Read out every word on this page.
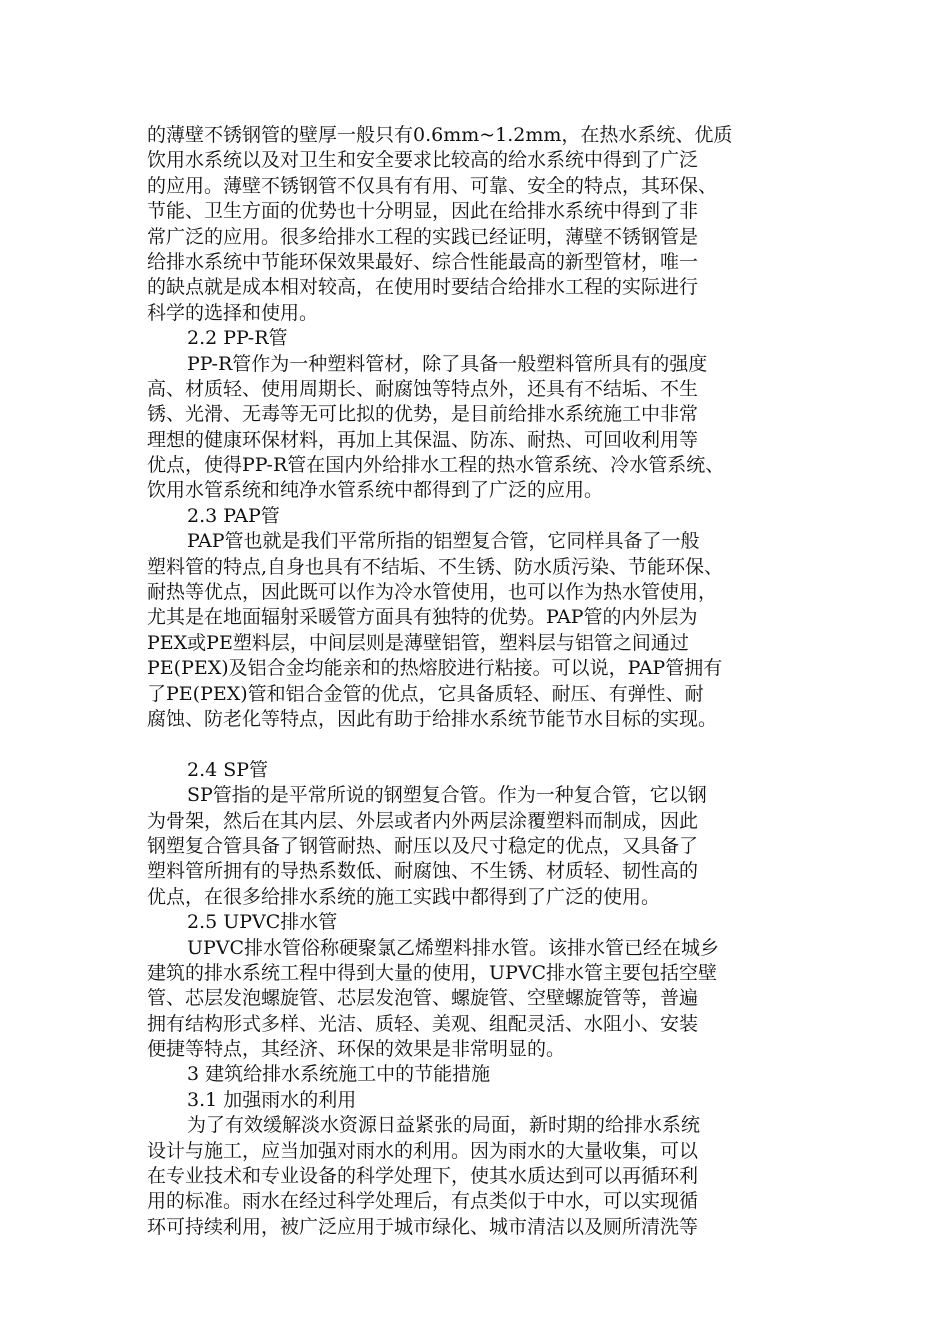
的薄壁不锈钢管的壁厚一般只有0.6mm~1.2mm，在热水系统、优质
饮用水系统以及对卫生和安全要求比较高的给水系统中得到了广泛
的应用。薄壁不锈钢管不仅具有有用、可靠、安全的特点，其环保、
节能、卫生方面的优势也十分明显，因此在给排水系统中得到了非
常广泛的应用。很多给排水工程的实践已经证明，薄壁不锈钢管是
给排水系统中节能环保效果最好、综合性能最高的新型管材，唯一
的缺点就是成本相对较高，在使用时要结合给排水工程的实际进行
科学的选择和使用。
2.2 PP-R管
PP-R管作为一种塑料管材，除了具备一般塑料管所具有的强度
高、材质轻、使用周期长、耐腐蚀等特点外，还具有不结垢、不生
锈、光滑、无毒等无可比拟的优势，是目前给排水系统施工中非常
理想的健康环保材料，再加上其保温、防冻、耐热、可回收利用等
优点，使得PP-R管在国内外给排水工程的热水管系统、冷水管系统、
饮用水管系统和纯净水管系统中都得到了广泛的应用。
2.3 PAP管
PAP管也就是我们平常所指的铝塑复合管，它同样具备了一般
塑料管的特点,自身也具有不结垢、不生锈、防水质污染、节能环保、
耐热等优点，因此既可以作为冷水管使用，也可以作为热水管使用，
尤其是在地面辐射采暖管方面具有独特的优势。PAP管的内外层为
PEX或PE塑料层，中间层则是薄壁铝管，塑料层与铝管之间通过
PE(PEX)及铝合金均能亲和的热熔胶进行粘接。可以说，PAP管拥有
了PE(PEX)管和铝合金管的优点，它具备质轻、耐压、有弹性、耐
腐蚀、防老化等特点，因此有助于给排水系统节能节水目标的实现。
2.4 SP管
SP管指的是平常所说的钢塑复合管。作为一种复合管，它以钢
为骨架，然后在其内层、外层或者内外两层涂覆塑料而制成，因此
钢塑复合管具备了钢管耐热、耐压以及尺寸稳定的优点，又具备了
塑料管所拥有的导热系数低、耐腐蚀、不生锈、材质轻、韧性高的
优点，在很多给排水系统的施工实践中都得到了广泛的使用。
2.5 UPVC排水管
UPVC排水管俗称硬聚氯乙烯塑料排水管。该排水管已经在城乡
建筑的排水系统工程中得到大量的使用，UPVC排水管主要包括空壁
管、芯层发泡螺旋管、芯层发泡管、螺旋管、空壁螺旋管等，普遍
拥有结构形式多样、光洁、质轻、美观、组配灵活、水阻小、安装
便捷等特点，其经济、环保的效果是非常明显的。
3 建筑给排水系统施工中的节能措施
3.1 加强雨水的利用
为了有效缓解淡水资源日益紧张的局面，新时期的给排水系统
设计与施工，应当加强对雨水的利用。因为雨水的大量收集，可以
在专业技术和专业设备的科学处理下，使其水质达到可以再循环利
用的标准。雨水在经过科学处理后，有点类似于中水，可以实现循
环可持续利用，被广泛应用于城市绿化、城市清洁以及厕所清洗等
